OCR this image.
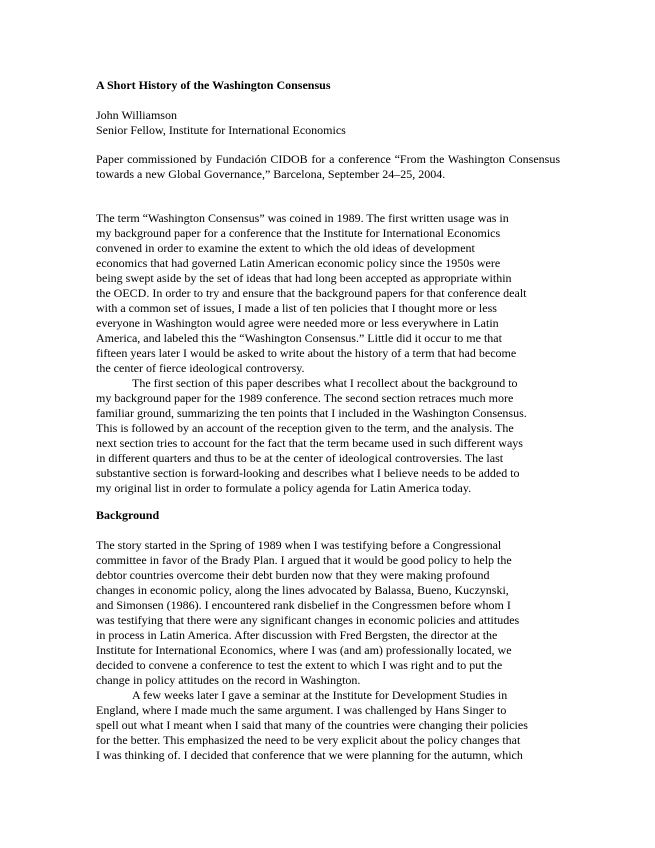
A Short History of the Washington Consensus
John Williamson
Senior Fellow, Institute for International Economics
Paper commissioned by Fundación CIDOB for a conference “From the Washington Consensus towards a new Global Governance,” Barcelona, September 24–25, 2004.
The term “Washington Consensus” was coined in 1989. The first written usage was in
my background paper for a conference that the Institute for International Economics
convened in order to examine the extent to which the old ideas of development
economics that had governed Latin American economic policy since the 1950s were
being swept aside by the set of ideas that had long been accepted as appropriate within
the OECD. In order to try and ensure that the background papers for that conference dealt
with a common set of issues, I made a list of ten policies that I thought more or less
everyone in Washington would agree were needed more or less everywhere in Latin
America, and labeled this the “Washington Consensus.” Little did it occur to me that
fifteen years later I would be asked to write about the history of a term that had become
the center of fierce ideological controversy.
The first section of this paper describes what I recollect about the background to
my background paper for the 1989 conference. The second section retraces much more
familiar ground, summarizing the ten points that I included in the Washington Consensus.
This is followed by an account of the reception given to the term, and the analysis. The
next section tries to account for the fact that the term became used in such different ways
in different quarters and thus to be at the center of ideological controversies. The last
substantive section is forward-looking and describes what I believe needs to be added to
my original list in order to formulate a policy agenda for Latin America today.
Background
The story started in the Spring of 1989 when I was testifying before a Congressional
committee in favor of the Brady Plan. I argued that it would be good policy to help the
debtor countries overcome their debt burden now that they were making profound
changes in economic policy, along the lines advocated by Balassa, Bueno, Kuczynski,
and Simonsen (1986). I encountered rank disbelief in the Congressmen before whom I
was testifying that there were any significant changes in economic policies and attitudes
in process in Latin America. After discussion with Fred Bergsten, the director at the
Institute for International Economics, where I was (and am) professionally located, we
decided to convene a conference to test the extent to which I was right and to put the
change in policy attitudes on the record in Washington.
A few weeks later I gave a seminar at the Institute for Development Studies in
England, where I made much the same argument. I was challenged by Hans Singer to
spell out what I meant when I said that many of the countries were changing their policies
for the better. This emphasized the need to be very explicit about the policy changes that
I was thinking of. I decided that conference that we were planning for the autumn, which
